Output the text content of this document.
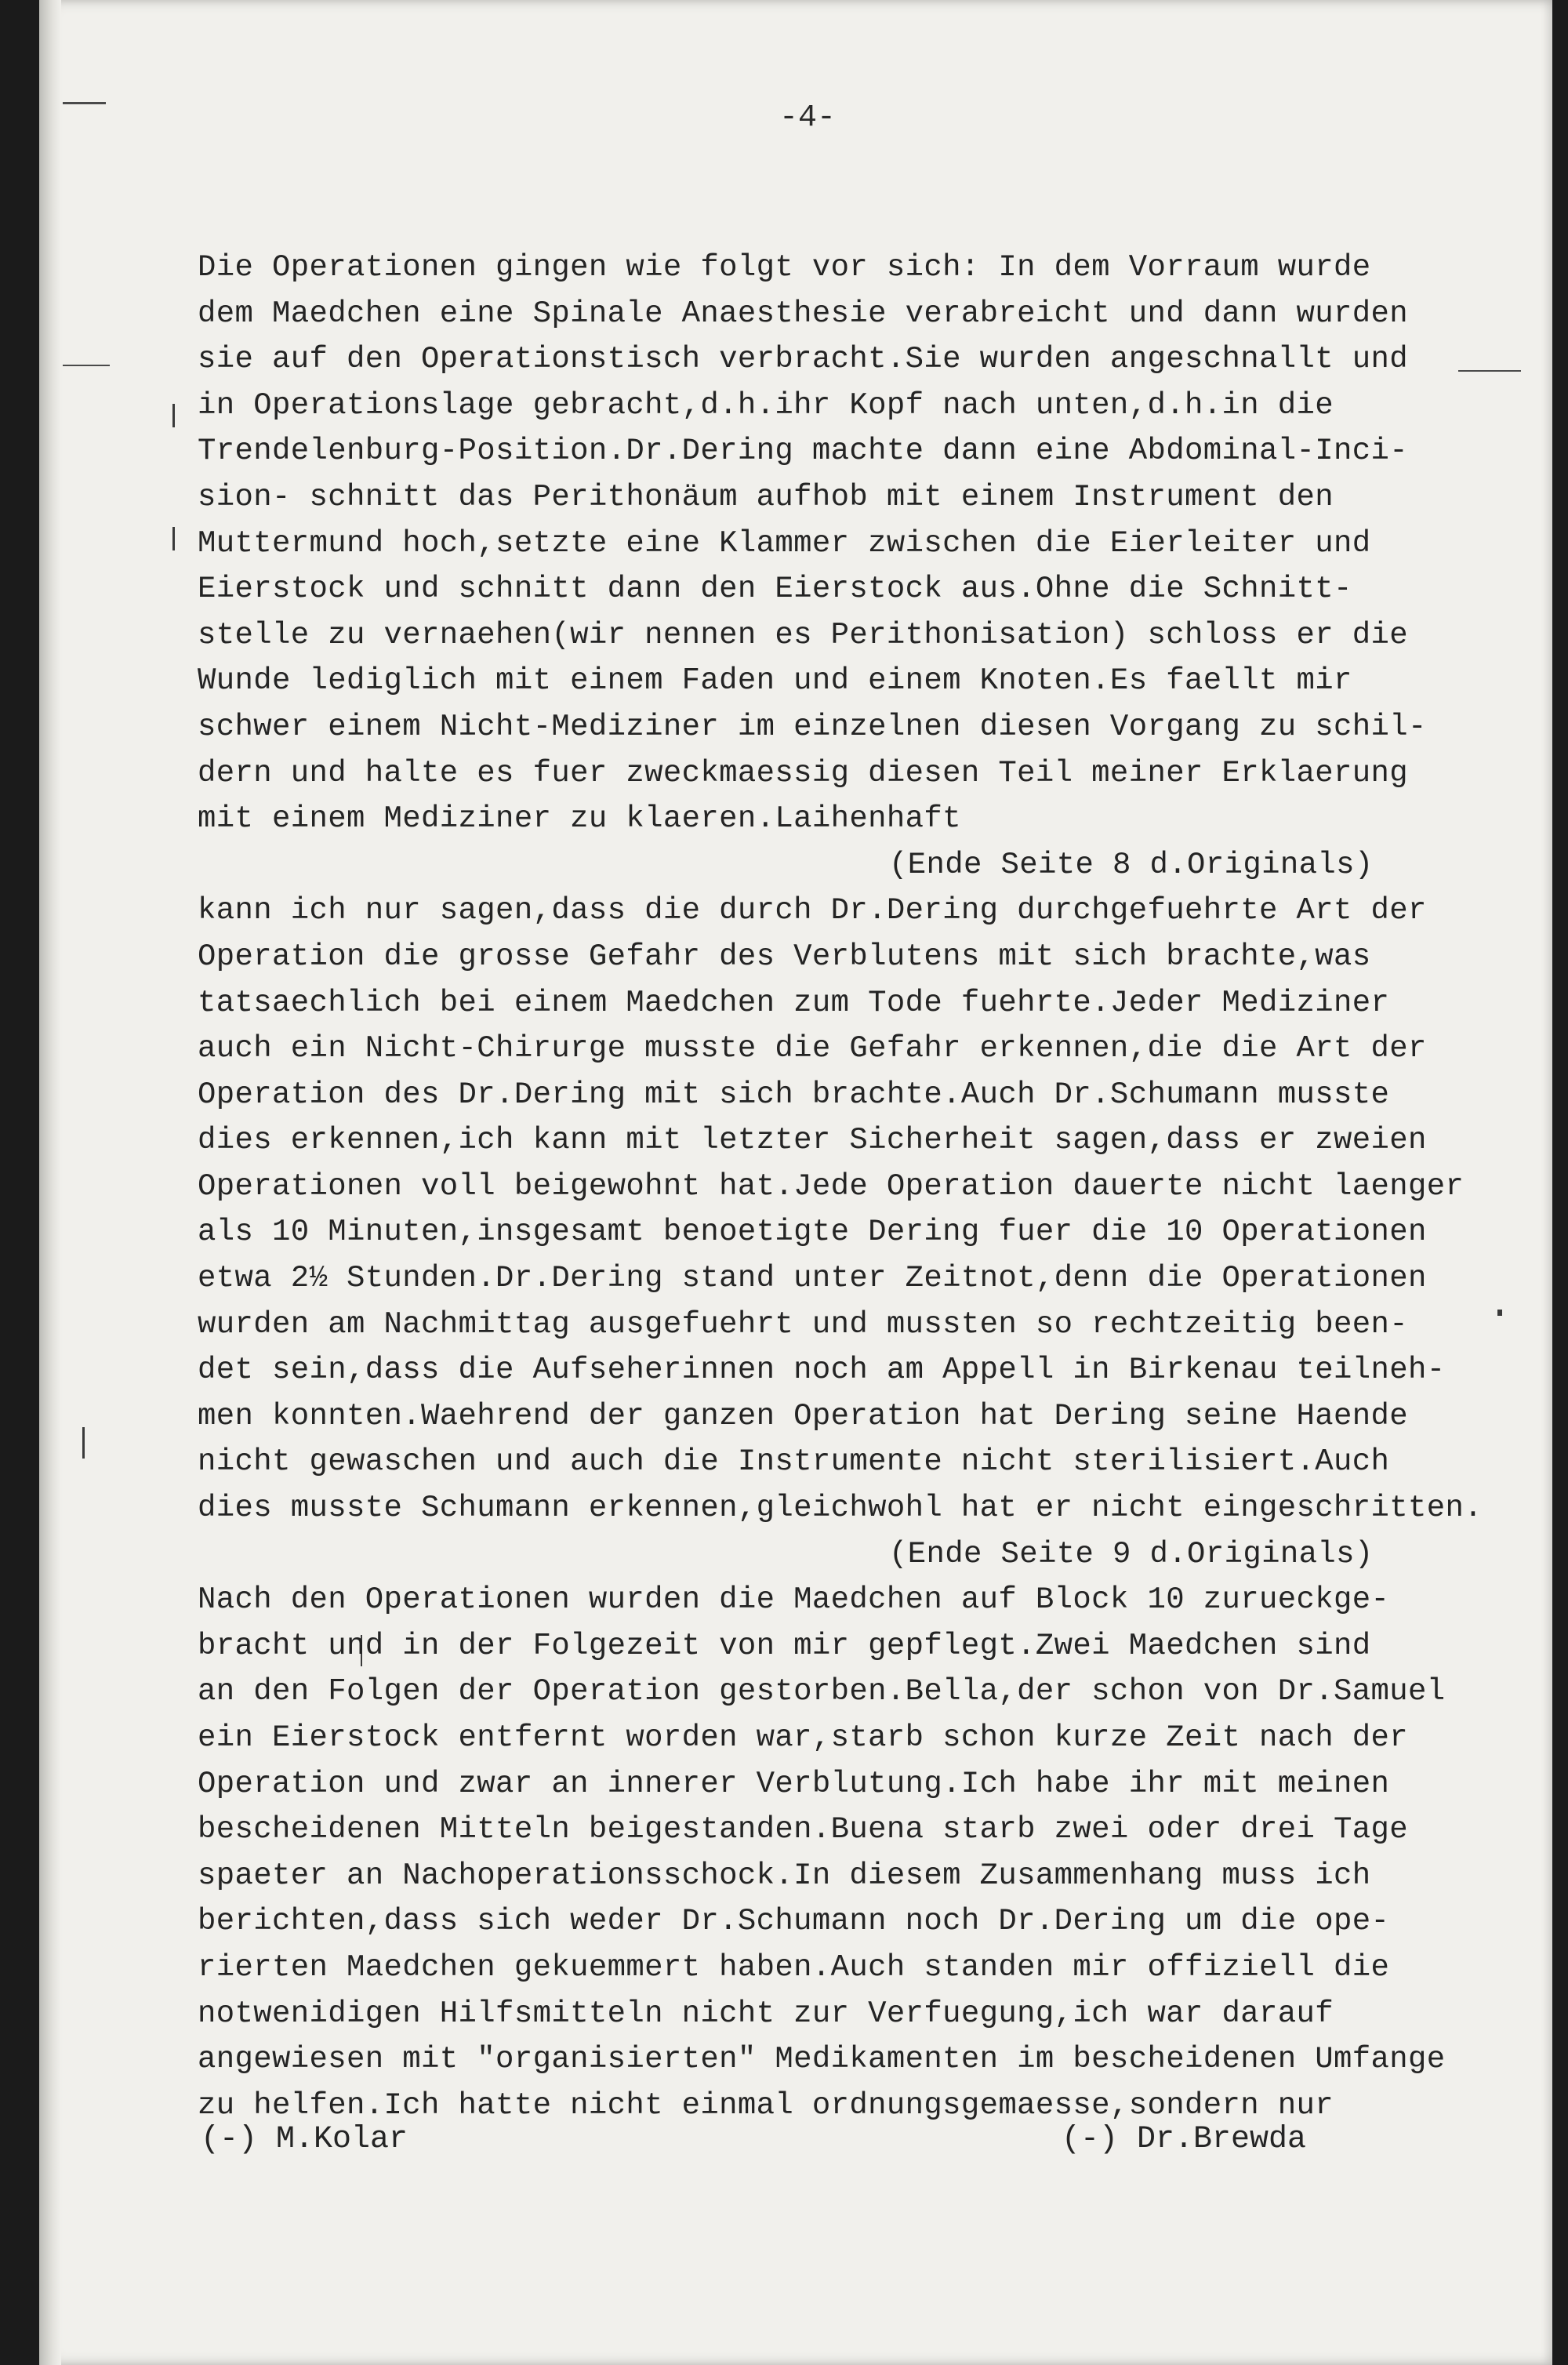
-4-
Die Operationen gingen wie folgt vor sich: In dem Vorraum wurde
dem Maedchen eine Spinale Anaesthesie verabreicht und dann wurden
sie auf den Operationstisch verbracht.Sie wurden angeschnallt und
in Operationslage gebracht,d.h.ihr Kopf nach unten,d.h.in die
Trendelenburg-Position.Dr.Dering machte dann eine Abdominal-Inci-
sion- schnitt das Perithonäum aufhob mit einem Instrument den
Muttermund hoch,setzte eine Klammer zwischen die Eierleiter und
Eierstock und schnitt dann den Eierstock aus.Ohne die Schnitt-
stelle zu vernaehen(wir nennen es Perithonisation) schloss er die
Wunde lediglich mit einem Faden und einem Knoten.Es faellt mir
schwer einem Nicht-Mediziner im einzelnen diesen Vorgang zu schil-
dern und halte es fuer zweckmaessig diesen Teil meiner Erklaerung
mit einem Mediziner zu klaeren.Laihenhaft
(Ende Seite 8 d.Originals)
kann ich nur sagen,dass die durch Dr.Dering durchgefuehrte Art der
Operation die grosse Gefahr des Verblutens mit sich brachte,was
tatsaechlich bei einem Maedchen zum Tode fuehrte.Jeder Mediziner
auch ein Nicht-Chirurge musste die Gefahr erkennen,die die Art der
Operation des Dr.Dering mit sich brachte.Auch Dr.Schumann musste
dies erkennen,ich kann mit letzter Sicherheit sagen,dass er zweien
Operationen voll beigewohnt hat.Jede Operation dauerte nicht laenger
als 10 Minuten,insgesamt benoetigte Dering fuer die 10 Operationen
etwa 2½ Stunden.Dr.Dering stand unter Zeitnot,denn die Operationen
wurden am Nachmittag ausgefuehrt und mussten so rechtzeitig been-
det sein,dass die Aufseherinnen noch am Appell in Birkenau teilneh-
men konnten.Waehrend der ganzen Operation hat Dering seine Haende
nicht gewaschen und auch die Instrumente nicht sterilisiert.Auch
dies musste Schumann erkennen,gleichwohl hat er nicht eingeschritten.
(Ende Seite 9 d.Originals)
Nach den Operationen wurden die Maedchen auf Block 10 zurueckge-
bracht und in der Folgezeit von mir gepflegt.Zwei Maedchen sind
an den Folgen der Operation gestorben.Bella,der schon von Dr.Samuel
ein Eierstock entfernt worden war,starb schon kurze Zeit nach der
Operation und zwar an innerer Verblutung.Ich habe ihr mit meinen
bescheidenen Mitteln beigestanden.Buena starb zwei oder drei Tage
spaeter an Nachoperationsschock.In diesem Zusammenhang muss ich
berichten,dass sich weder Dr.Schumann noch Dr.Dering um die ope-
rierten Maedchen gekuemmert haben.Auch standen mir offiziell die
notwenidigen Hilfsmitteln nicht zur Verfuegung,ich war darauf
angewiesen mit "organisierten" Medikamenten im bescheidenen Umfange
zu helfen.Ich hatte nicht einmal ordnungsgemaesse,sondern nur
(-) M.Kolar	(-) Dr.Brewda
